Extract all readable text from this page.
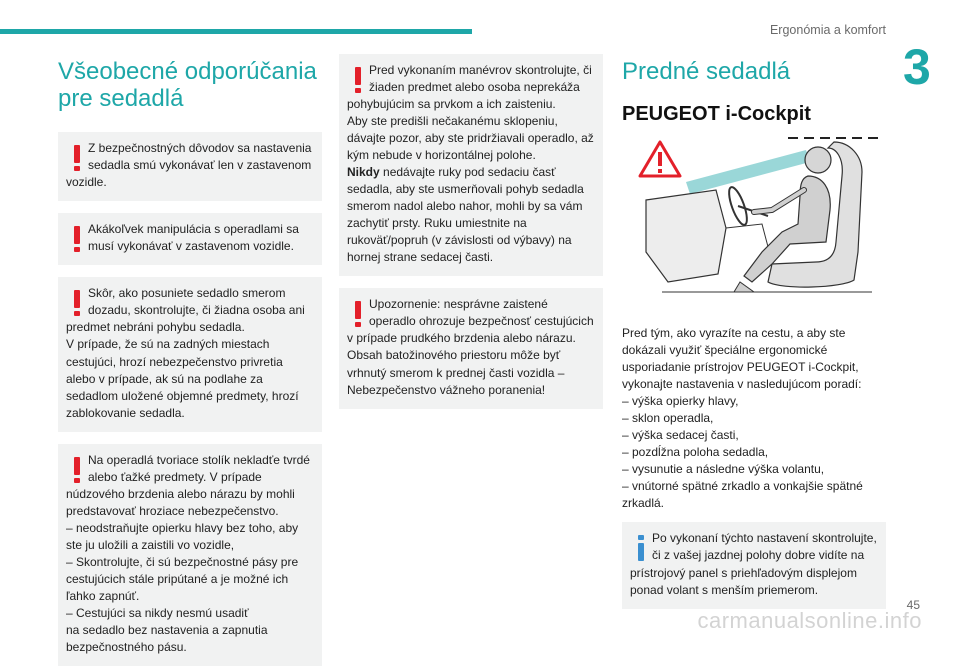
Ergonómia a komfort
3
Všeobecné odporúčania pre sedadlá

Z bezpečnostných dôvodov sa nastavenia sedadla smú vykonávať len v zastavenom vozidle.

Akákoľvek manipulácia s operadlami sa musí vykonávať v zastavenom vozidle.

Skôr, ako posuniete sedadlo smerom dozadu, skontrolujte, či žiadna osoba ani predmet nebráni pohybu sedadla.

V prípade, že sú na zadných miestach cestujúci, hrozí nebezpečenstvo privretia alebo v prípade, ak sú na podlahe za sedadlom uložené objemné predmety, hrozí zablokovanie sedadla.

Na operadlá tvoriace stolík nekladťe tvrdé alebo ťažké predmety. V prípade núdzového brzdenia alebo nárazu by mohli predstavovať hroziace nebezpečenstvo.

– neodstraňujte opierku hlavy bez toho, aby ste ju uložili a zaistili vo vozidle,

– Skontrolujte, či sú bezpečnostné pásy pre cestujúcich stále pripútané a je možné ich ľahko zapnúť.

– Cestujúci sa nikdy nesmú usadiť

na sedadlo bez nastavenia a zapnutia bezpečnostného pásu.

Pred vykonaním manévrov skontrolujte, či žiaden predmet alebo osoba neprekáža pohybujúcim sa prvkom a ich zaisteniu.

Aby ste predišli nečakanému sklopeniu, dávajte pozor, aby ste pridržiavali operadlo, až kým nebude v horizontálnej polohe.

Nikdy nedávajte ruky pod sedaciu časť sedadla, aby ste usmerňovali pohyb sedadla smerom nadol alebo nahor, mohli by sa vám zachytiť prsty. Ruku umiestnite na rukoväť/popruh (v závislosti od výbavy) na hornej strane sedacej časti.

Upozornenie: nesprávne zaistené operadlo ohrozuje bezpečnosť cestujúcich v prípade prudkého brzdenia alebo nárazu.

Obsah batožinového priestoru môže byť vrhnutý smerom k prednej časti vozidla – Nebezpečenstvo vážneho poranenia!

Predné sedadlá
PEUGEOT i-Cockpit

Pred tým, ako vyrazíte na cestu, a aby ste dokázali využiť špeciálne ergonomické usporiadanie prístrojov PEUGEOT i-Cockpit, vykonajte nastavenia v nasledujúcom poradí:

– výška opierky hlavy,

– sklon operadla,

– výška sedacej časti,

– pozdĺžna poloha sedadla,

– vysunutie a následne výška volantu,

– vnútorné spätné zrkadlo a vonkajšie spätné zrkadlá.

Po vykonaní týchto nastavení skontrolujte, či z vašej jazdnej polohy dobre vidíte na prístrojový panel s priehľadovým displejom ponad volant s menším priemerom.

carmanualsonline.info
45
